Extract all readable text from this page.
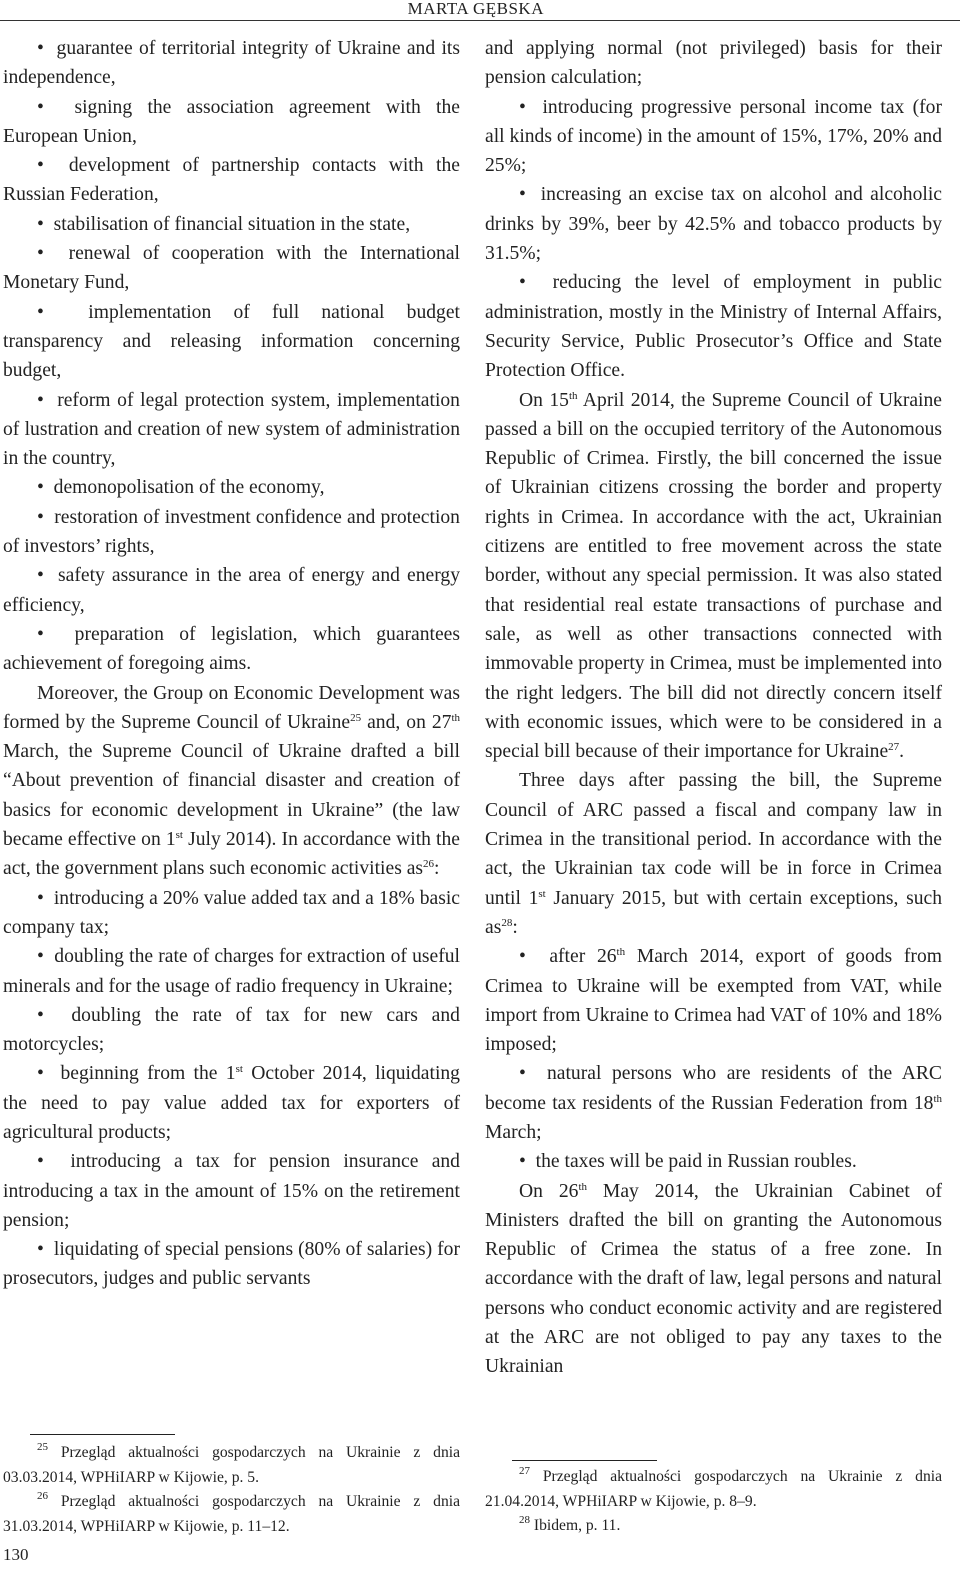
MARTA GĘBSKA

•  guarantee of territorial integrity of Ukraine and its independence,

•  signing the association agreement with the European Union,

•  development of partnership contacts with the Russian Federation,

•  stabilisation of financial situation in the state,

•  renewal of cooperation with the International Monetary Fund,

•  implementation of full national budget transparency and releasing information concerning budget,

•  reform of legal protection system, implementation of lustration and creation of new system of administration in the country,

•  demonopolisation of the economy,

•  restoration of investment confidence and protection of investors’ rights,

•  safety assurance in the area of energy and energy efficiency,

•  preparation of legislation, which guarantees achievement of foregoing aims.

Moreover, the Group on Economic Development was formed by the Supreme Council of Ukraine$^{25}$ and, on 27th March, the Supreme Council of Ukraine drafted a bill “About prevention of financial disaster and creation of basics for economic development in Ukraine” (the law became effective on 1st July 2014). In accordance with the act, the government plans such economic activities $as^{26}$:

•  introducing a 20% value added tax and a 18% basic company tax;

•  doubling the rate of charges for extraction of useful minerals and for the usage of radio frequency in Ukraine;

•  doubling the rate of tax for new cars and motorcycles;

•  beginning from the 1st October 2014, liquidating the need to pay value added tax for exporters of agricultural products;

•  introducing a tax for pension insurance and introducing a tax in the amount of 15% on the retirement pension;

•  liquidating of special pensions (80% of salaries) for prosecutors, judges and public servants

and applying normal (not privileged) basis for their pension calculation;

•  introducing progressive personal income tax (for all kinds of income) in the amount of 15%, 17%, 20% and 25%;

•  increasing an excise tax on alcohol and alcoholic drinks by 39%, beer by 42.5% and tobacco products by 31.5%;

•  reducing the level of employment in public administration, mostly in the Ministry of Internal Affairs, Security Service, Public Prosecutor’s Office and State Protection Office.

On 15th April 2014, the Supreme Council of Ukraine passed a bill on the occupied territory of the Autonomous Republic of Crimea. Firstly, the bill concerned the issue of Ukrainian citizens crossing the border and property rights in Crimea. In accordance with the act, Ukrainian citizens are entitled to free movement across the state border, without any special permission. It was also stated that residential real estate transactions of purchase and sale, as well as other transactions connected with immovable property in Crimea, must be implemented into the right ledgers. The bill did not directly concern itself with economic issues, which were to be considered in a special bill because of their importance for Ukraine$^{27}$.

Three days after passing the bill, the Supreme Council of ARC passed a fiscal and company law in Crimea in the transitional period. In accordance with the act, the Ukrainian tax code will be in force in Crimea until 1st January 2015, but with certain exceptions, such $as^{28}$:

•  after 26th March 2014, export of goods from Crimea to Ukraine will be exempted from VAT, while import from Ukraine to Crimea had VAT of 10% and 18% imposed;

•  natural persons who are residents of the ARC become tax residents of the Russian Federation from 18th March;

•  the taxes will be paid in Russian roubles.

On 26th May 2014, the Ukrainian Cabinet of Ministers drafted the bill on granting the Autonomous Republic of Crimea the status of a free zone. In accordance with the draft of law, legal persons and natural persons who conduct economic activity and are registered at the ARC are not obliged to pay any taxes to the Ukrainian

$^{25}$ Przegląd aktualności gospodarczych na Ukrainie z dnia 03.03.2014, WPHiIARP w Kijowie, p. 5.

$^{26}$ Przegląd aktualności gospodarczych na Ukrainie z dnia 31.03.2014, WPHiIARP w Kijowie, p. 11–12.

$^{27}$ Przegląd aktualności gospodarczych na Ukrainie z dnia 21.04.2014, WPHiIARP w Kijowie, p. 8–9.

$^{28}$ Ibidem, p. 11.

130
